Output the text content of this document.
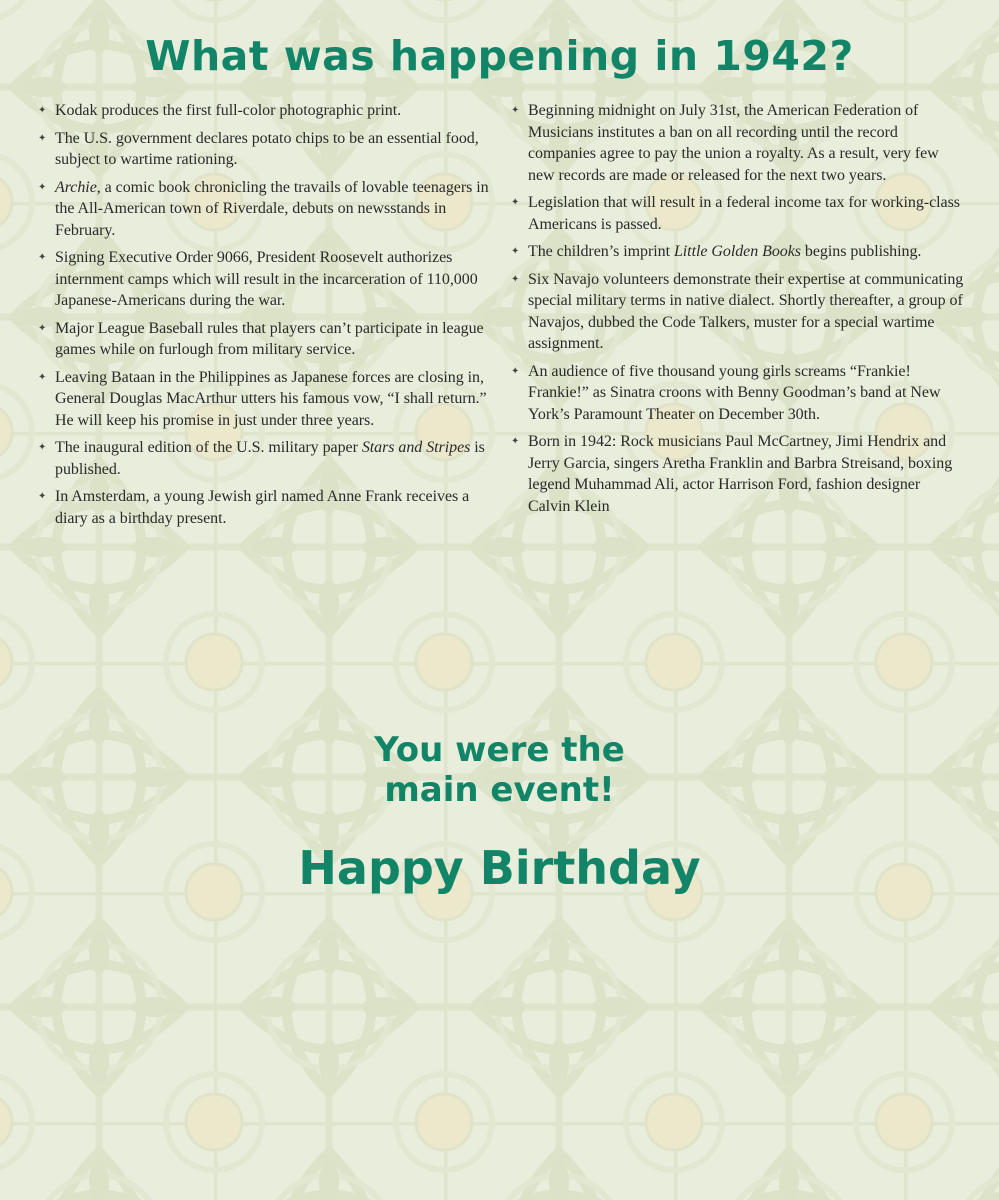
What was happening in 1942?
✦ Kodak produces the first full-color photographic print.
✦ The U.S. government declares potato chips to be an essential food, subject to wartime rationing.
✦ Archie, a comic book chronicling the travails of lovable teenagers in the All-American town of Riverdale, debuts on newsstands in February.
✦ Signing Executive Order 9066, President Roosevelt authorizes internment camps which will result in the incarceration of 110,000 Japanese-Americans during the war.
✦ Major League Baseball rules that players can’t participate in league games while on furlough from military service.
✦ Leaving Bataan in the Philippines as Japanese forces are closing in, General Douglas MacArthur utters his famous vow, “I shall return.” He will keep his promise in just under three years.
✦ The inaugural edition of the U.S. military paper Stars and Stripes is published.
✦ In Amsterdam, a young Jewish girl named Anne Frank receives a diary as a birthday present.
✦ Beginning midnight on July 31st, the American Federation of Musicians institutes a ban on all recording until the record companies agree to pay the union a royalty. As a result, very few new records are made or released for the next two years.
✦ Legislation that will result in a federal income tax for working-class Americans is passed.
✦ The children’s imprint Little Golden Books begins publishing.
✦ Six Navajo volunteers demonstrate their expertise at communicating special military terms in native dialect. Shortly thereafter, a group of Navajos, dubbed the Code Talkers, muster for a special wartime assignment.
✦ An audience of five thousand young girls screams “Frankie! Frankie!” as Sinatra croons with Benny Goodman’s band at New York’s Paramount Theater on December 30th.
✦ Born in 1942: Rock musicians Paul McCartney, Jimi Hendrix and Jerry Garcia, singers Aretha Franklin and Barbra Streisand, boxing legend Muhammad Ali, actor Harrison Ford, fashion designer Calvin Klein
You were the
main event!
Happy Birthday
